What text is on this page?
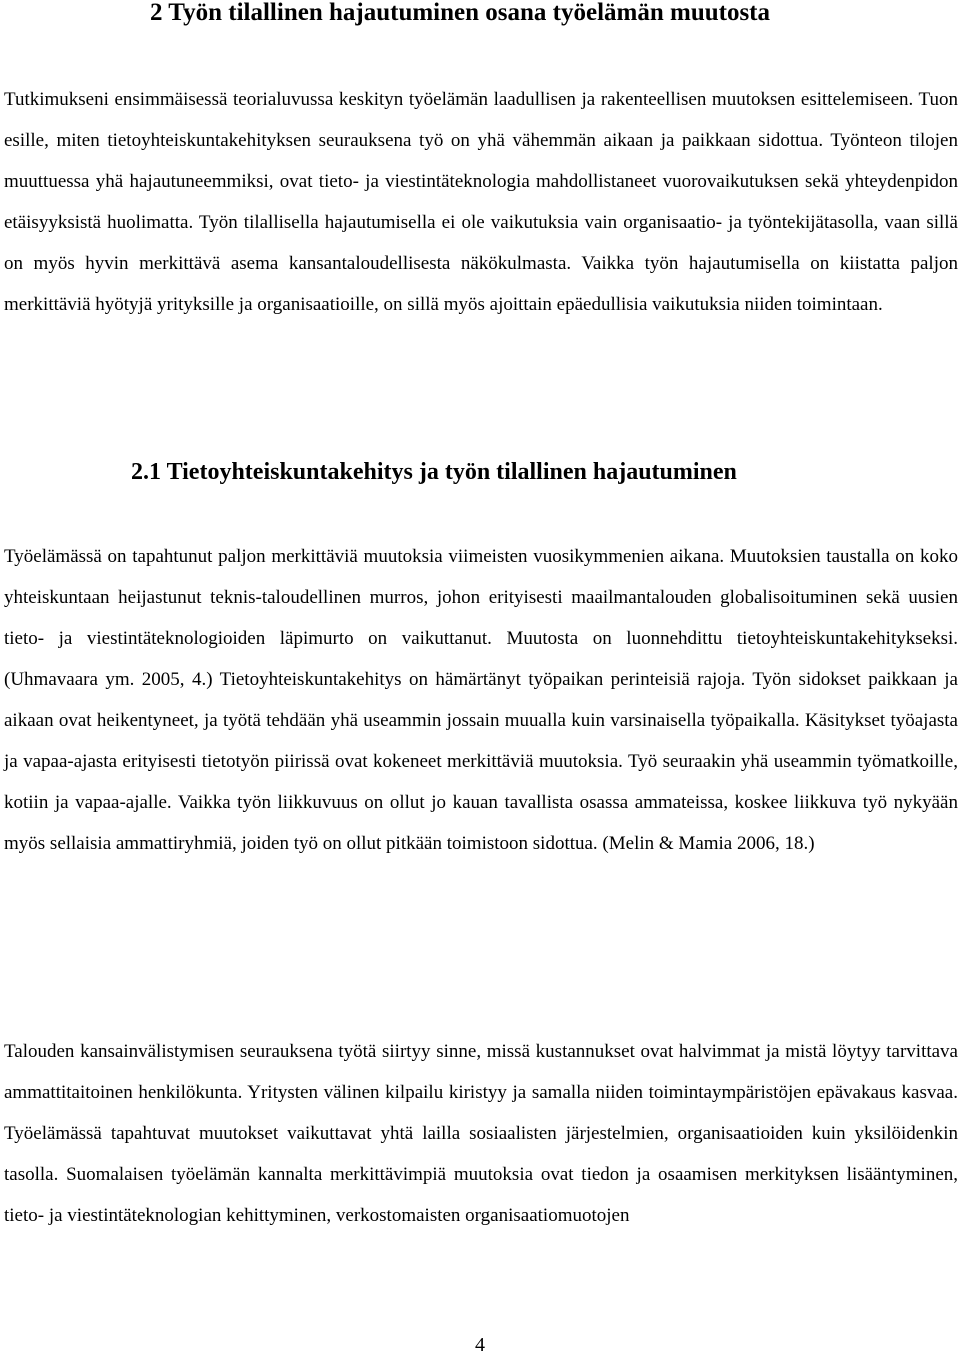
2 Työn tilallinen hajautuminen osana työelämän muutosta

Tutkimukseni ensimmäisessä teorialuvussa keskityn työelämän laadullisen ja rakenteellisen muutoksen esittelemiseen. Tuon esille, miten tietoyhteiskuntakehityksen seurauksena työ on yhä vähemmän aikaan ja paikkaan sidottua. Työnteon tilojen muuttuessa yhä hajautuneemmiksi, ovat tieto- ja viestintäteknologia mahdollistaneet vuorovaikutuksen sekä yhteydenpidon etäisyyksistä huolimatta. Työn tilallisella hajautumisella ei ole vaikutuksia vain organisaatio- ja työntekijätasolla, vaan sillä on myös hyvin merkittävä asema kansantaloudellisesta näkökulmasta. Vaikka työn hajautumisella on kiistatta paljon merkittäviä hyötyjä yrityksille ja organisaatioille, on sillä myös ajoittain epäedullisia vaikutuksia niiden toimintaan.

2.1 Tietoyhteiskuntakehitys ja työn tilallinen hajautuminen

Työelämässä on tapahtunut paljon merkittäviä muutoksia viimeisten vuosikymmenien aikana. Muutoksien taustalla on koko yhteiskuntaan heijastunut teknis-taloudellinen murros, johon erityisesti maailmantalouden globalisoituminen sekä uusien tieto- ja viestintäteknologioiden läpimurto on vaikuttanut. Muutosta on luonnehdittu tietoyhteiskuntakehitykseksi. (Uhmavaara ym. 2005, 4.) Tietoyhteiskuntakehitys on hämärtänyt työpaikan perinteisiä rajoja. Työn sidokset paikkaan ja aikaan ovat heikentyneet, ja työtä tehdään yhä useammin jossain muualla kuin varsinaisella työpaikalla. Käsitykset työajasta ja vapaa-ajasta erityisesti tietotyön piirissä ovat kokeneet merkittäviä muutoksia. Työ seuraakin yhä useammin työmatkoille, kotiin ja vapaa-ajalle. Vaikka työn liikkuvuus on ollut jo kauan tavallista osassa ammateissa, koskee liikkuva työ nykyään myös sellaisia ammattiryhmiä, joiden työ on ollut pitkään toimistoon sidottua. (Melin & Mamia 2006, 18.)

Talouden kansainvälistymisen seurauksena työtä siirtyy sinne, missä kustannukset ovat halvimmat ja mistä löytyy tarvittava ammattitaitoinen henkilökunta. Yritysten välinen kilpailu kiristyy ja samalla niiden toimintaympäristöjen epävakaus kasvaa. Työelämässä tapahtuvat muutokset vaikuttavat yhtä lailla sosiaalisten järjestelmien, organisaatioiden kuin yksilöidenkin tasolla. Suomalaisen työelämän kannalta merkittävimpiä muutoksia ovat tiedon ja osaamisen merkityksen lisääntyminen, tieto- ja viestintäteknologian kehittyminen, verkostomaisten organisaatiomuotojen

4
